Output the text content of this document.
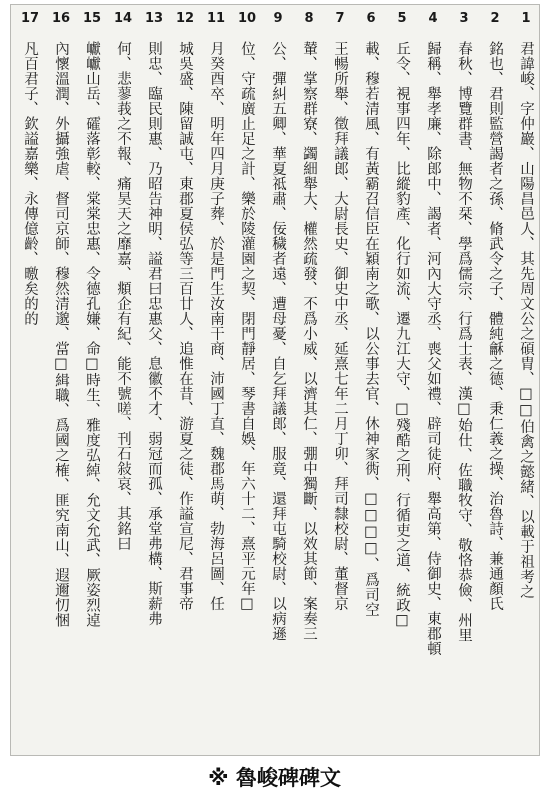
1
君諱峻、字仲巖、山陽昌邑人、其先周文公之碩胄、□□伯禽之懿緒、以載于祖考之
2
銘也、君則監營謁者之孫、脩武令之子、體純龢之德、秉仁義之操、治魯詩、兼通顏氏
3
春秋、博覽群書、無物不栞、學爲儒宗、行爲士表、漢□始仕、佐職牧守、敬恪恭儉、州里
4
歸稱、舉孝廉、除郎中、謁者、河內大守丞、喪父如禮、辟司徒府、舉高第、侍御史、東郡頓
5
丘令、視事四年、比縱豹產、化行如流、遷九江大守、□殘酷之刑、行循吏之道、統政□
6
載、穆若清風、有黃霸召信臣在穎南之歌、以公事去官、休神家衖、□□□□、爲司空
7
王暢所舉、徵拜議郎、大尉長史、御史中丞、延熹七年二月丁卯、拜司隸校尉、董督京
8
輦、掌察群寮、蠲細舉大、權然疏發、不爲小威、以濟其仁、弸中獨斷、以效其節、案奏三
9
公、彈糾五卿、華夏祗肅、佞穢者遠、遭母憂、自乞拜議郎、服竟、還拜屯騎校尉、以病遜
10
位、守疏廣止足之計、樂於陵灌園之契、閉門靜居、琴書自娛、年六十二、熹平元年□
11
月癸酉卒、明年四月庚子葬、於是門生汝南干商、沛國丁直、魏郡馬萌、勃海呂圖、任
12
城吳盛、陳留誠屯、東郡夏侯弘等三百廿人、追惟在昔、游夏之徒、作謚宣尼、君事帝
13
則忠、臨民則惠、乃昭告神明、謚君曰忠惠父、息徽不才、弱冠而孤、承堂弗構、斯薪弗
14
何、悲蓼莪之不報、痛昊天之靡嘉、頫企有紀、能不號嗟、刊石敍哀、其銘曰
15
巘巘山岳、礭落彰較、棠棠忠惠、令德孔嫌、命□時生、雅度弘綽、允文允武、厥姿烈逴
16
內懷溫潤、外攝強虐、督司京師、穆然清邈、當□緝職、爲國之榷、匪究南山、遐邇忉悃
17
凡百君子、欽謚嘉樂、永傳億齡、曒矣的的
※ 魯峻碑碑文
